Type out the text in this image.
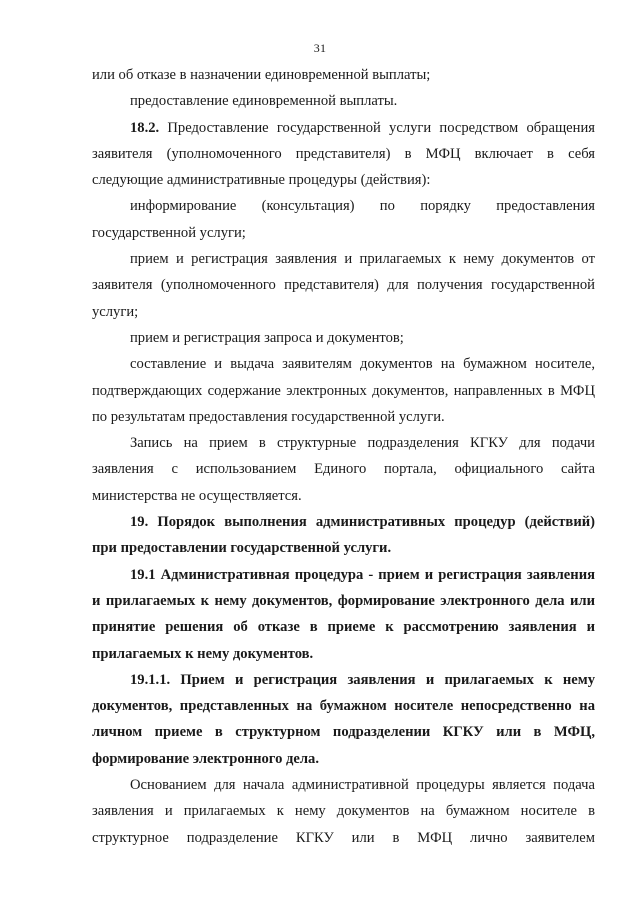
31

или об отказе в назначении единовременной выплаты;

предоставление единовременной выплаты.

18.2. Предоставление государственной услуги посредством обращения заявителя (уполномоченного представителя) в МФЦ включает в себя следующие административные процедуры (действия):

информирование (консультация) по порядку предоставления государственной услуги;

прием и регистрация заявления и прилагаемых к нему документов от заявителя (уполномоченного представителя) для получения государственной услуги;

прием и регистрация запроса и документов;

составление и выдача заявителям документов на бумажном носителе, подтверждающих содержание электронных документов, направленных в МФЦ по результатам предоставления государственной услуги.

Запись на прием в структурные подразделения КГКУ для подачи заявления с использованием Единого портала, официального сайта министерства не осуществляется.

19. Порядок выполнения административных процедур (действий) при предоставлении государственной услуги.

19.1 Административная процедура - прием и регистрация заявления и прилагаемых к нему документов, формирование электронного дела или принятие решения об отказе в приеме к рассмотрению заявления и прилагаемых к нему документов.

19.1.1. Прием и регистрация заявления и прилагаемых к нему документов, представленных на бумажном носителе непосредственно на личном приеме в структурном подразделении КГКУ или в МФЦ, формирование электронного дела.

Основанием для начала административной процедуры является подача заявления и прилагаемых к нему документов на бумажном носителе в структурное подразделение КГКУ или в МФЦ лично заявителем
